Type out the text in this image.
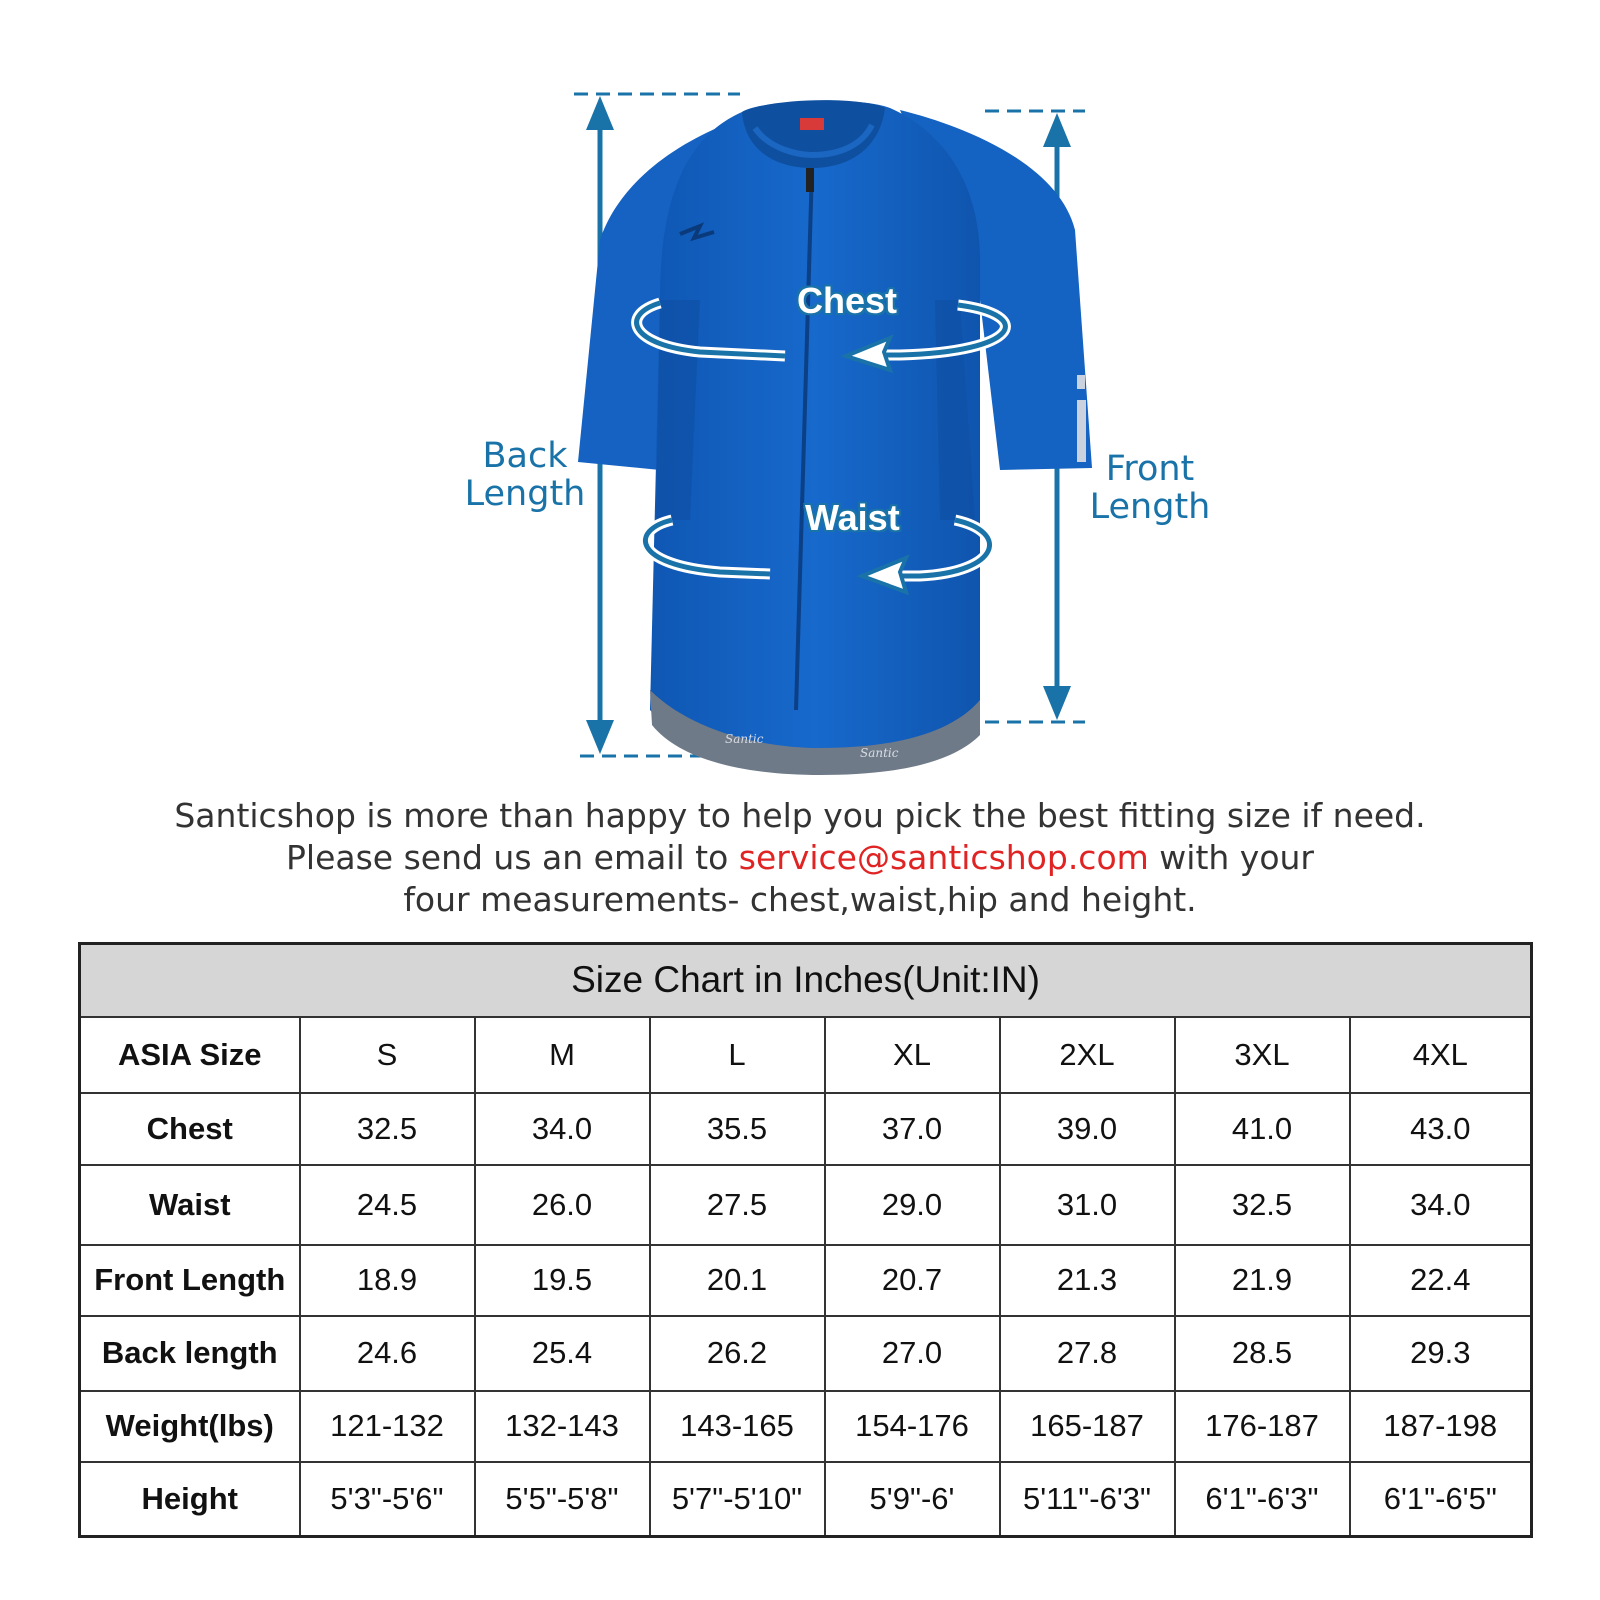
Santic
Santic
Back
Length
Front
Length
Chest
Waist
Santicshop is more than happy to help you pick the best fitting size if need.
Please send us an email to service@santicshop.com with your
four measurements- chest,waist,hip and height.
Size Chart in Inches(Unit:IN)							
ASIA Size	S	M	L	XL	2XL	3XL	4XL
Chest	32.5	34.0	35.5	37.0	39.0	41.0	43.0
Waist	24.5	26.0	27.5	29.0	31.0	32.5	34.0
Front Length	18.9	19.5	20.1	20.7	21.3	21.9	22.4
Back length	24.6	25.4	26.2	27.0	27.8	28.5	29.3
Weight(lbs)	121-132	132-143	143-165	154-176	165-187	176-187	187-198
Height	5'3"-5'6"	5'5"-5'8"	5'7"-5'10"	5'9"-6'	5'11"-6'3"	6'1"-6'3"	6'1"-6'5"
